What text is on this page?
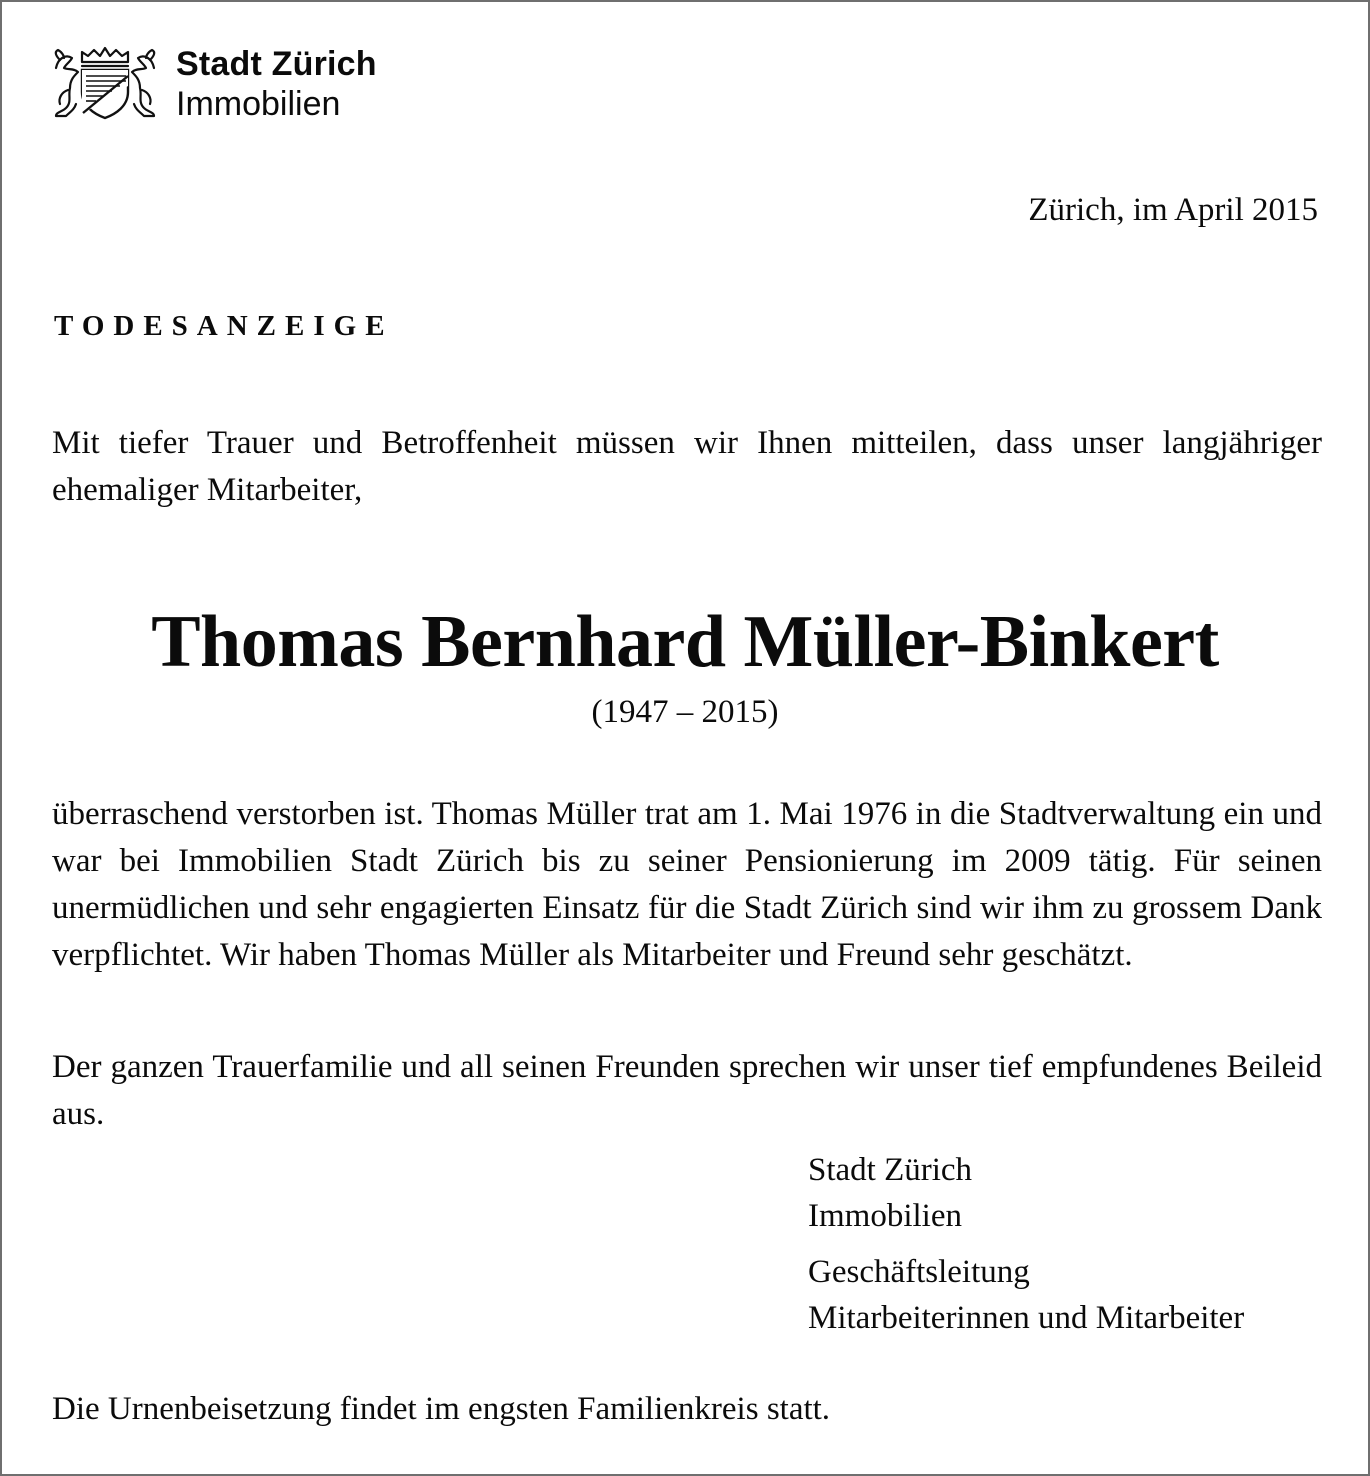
Stadt Zürich
Immobilien
Zürich, im April 2015
TODESANZEIGE
Mit tiefer Trauer und Betroffenheit müssen wir Ihnen mitteilen, dass unser langjähriger ehemaliger Mitarbeiter,
Thomas Bernhard Müller-Binkert
(1947 – 2015)
überraschend verstorben ist. Thomas Müller trat am 1. Mai 1976 in die Stadtverwaltung ein und war bei Immobilien Stadt Zürich bis zu seiner Pensionierung im 2009 tätig. Für seinen unermüdlichen und sehr engagierten Einsatz für die Stadt Zürich sind wir ihm zu grossem Dank verpflichtet. Wir haben Thomas Müller als Mitarbeiter und Freund sehr geschätzt.
Der ganzen Trauerfamilie und all seinen Freunden sprechen wir unser tief empfundenes Beileid aus.
Stadt Zürich
Immobilien
Geschäftsleitung
Mitarbeiterinnen und Mitarbeiter
Die Urnenbeisetzung findet im engsten Familienkreis statt.
